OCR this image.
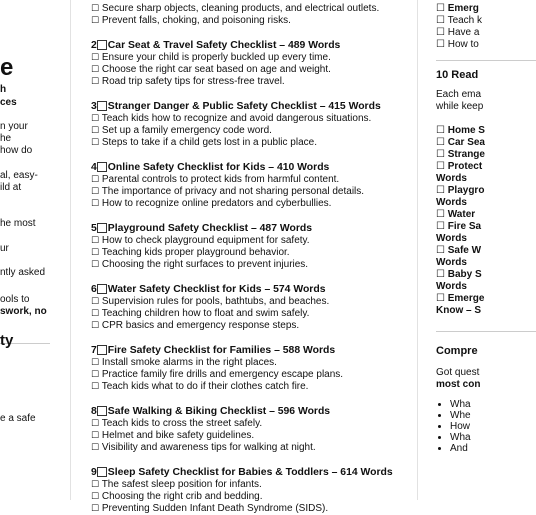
e
h
ces
n your
he
how do
al, easy-
ild at
he most
ur
ntly asked
ools to
swork, no
ty
e a safe
☐ Secure sharp objects, cleaning products, and electrical outlets.
☐ Prevent falls, choking, and poisoning risks.
2 Car Seat & Travel Safety Checklist – 489 Words
☐ Ensure your child is properly buckled up every time.
☐ Choose the right car seat based on age and weight.
☐ Road trip safety tips for stress-free travel.
3 Stranger Danger & Public Safety Checklist – 415 Words
☐ Teach kids how to recognize and avoid dangerous situations.
☐ Set up a family emergency code word.
☐ Steps to take if a child gets lost in a public place.
4 Online Safety Checklist for Kids – 410 Words
☐ Parental controls to protect kids from harmful content.
☐ The importance of privacy and not sharing personal details.
☐ How to recognize online predators and cyberbullies.
5 Playground Safety Checklist – 487 Words
☐ How to check playground equipment for safety.
☐ Teaching kids proper playground behavior.
☐ Choosing the right surfaces to prevent injuries.
6 Water Safety Checklist for Kids – 574 Words
☐ Supervision rules for pools, bathtubs, and beaches.
☐ Teaching children how to float and swim safely.
☐ CPR basics and emergency response steps.
7 Fire Safety Checklist for Families – 588 Words
☐ Install smoke alarms in the right places.
☐ Practice family fire drills and emergency escape plans.
☐ Teach kids what to do if their clothes catch fire.
8 Safe Walking & Biking Checklist – 596 Words
☐ Teach kids to cross the street safely.
☐ Helmet and bike safety guidelines.
☐ Visibility and awareness tips for walking at night.
9 Sleep Safety Checklist for Babies & Toddlers – 614 Words
☐ The safest sleep position for infants.
☐ Choosing the right crib and bedding.
☐ Preventing Sudden Infant Death Syndrome (SIDS).
☐ Emerg
☐ Teach k
☐ Have a
☐ How to
10 Read
Each ema
while keep
☐ Home S
☐ Car Sea
☐ Strange
☐ Protect
Words
☐ Playgro
Words
☐ Water
☐ Fire Sa
Words
☐ Safe W
Words
☐ Baby S
Words
☐ Emerge
Know – S
Compre
Got quest
most con
• Wha
• Whe
• How
• Wha
• And
